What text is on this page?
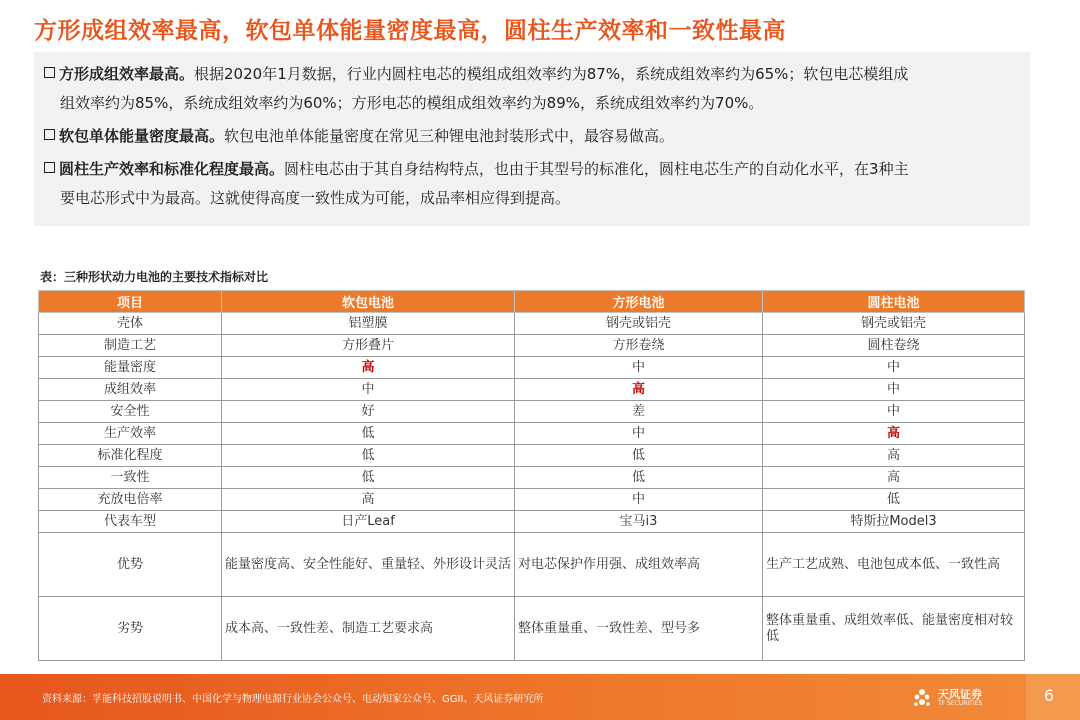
方形成组效率最高，软包单体能量密度最高，圆柱生产效率和一致性最高
方形成组效率最高。根据2020年1月数据，行业内圆柱电芯的模组成组效率约为87%，系统成组效率约为65%；软包电芯模组成
组效率约为85%，系统成组效率约为60%；方形电芯的模组成组效率约为89%，系统成组效率约为70%。
软包单体能量密度最高。软包电池单体能量密度在常见三种锂电池封装形式中，最容易做高。
圆柱生产效率和标准化程度最高。圆柱电芯由于其自身结构特点，也由于其型号的标准化，圆柱电芯生产的自动化水平，在3种主
要电芯形式中为最高。这就使得高度一致性成为可能，成品率相应得到提高。
表：三种形状动力电池的主要技术指标对比
项目	软包电池	方形电池	圆柱电池
壳体	铝塑膜	钢壳或铝壳	钢壳或铝壳
制造工艺	方形叠片	方形卷绕	圆柱卷绕
能量密度	高	中	中
成组效率	中	高	中
安全性	好	差	中
生产效率	低	中	高
标准化程度	低	低	高
一致性	低	低	高
充放电倍率	高	中	低
代表车型	日产Leaf	宝马i3	特斯拉Model3
优势	能量密度高、安全性能好、重量轻、外形设计灵活	对电芯保护作用强、成组效率高	生产工艺成熟、电池包成本低、一致性高
劣势	成本高、一致性差、制造工艺要求高	整体重量重、一致性差、型号多	整体重量重、成组效率低、能量密度相对较低
资料来源：孚能科技招股说明书、中国化学与物理电源行业协会公众号、电动知家公众号、GGII、天风证券研究所	天风证券
TF SECURITIES	6
